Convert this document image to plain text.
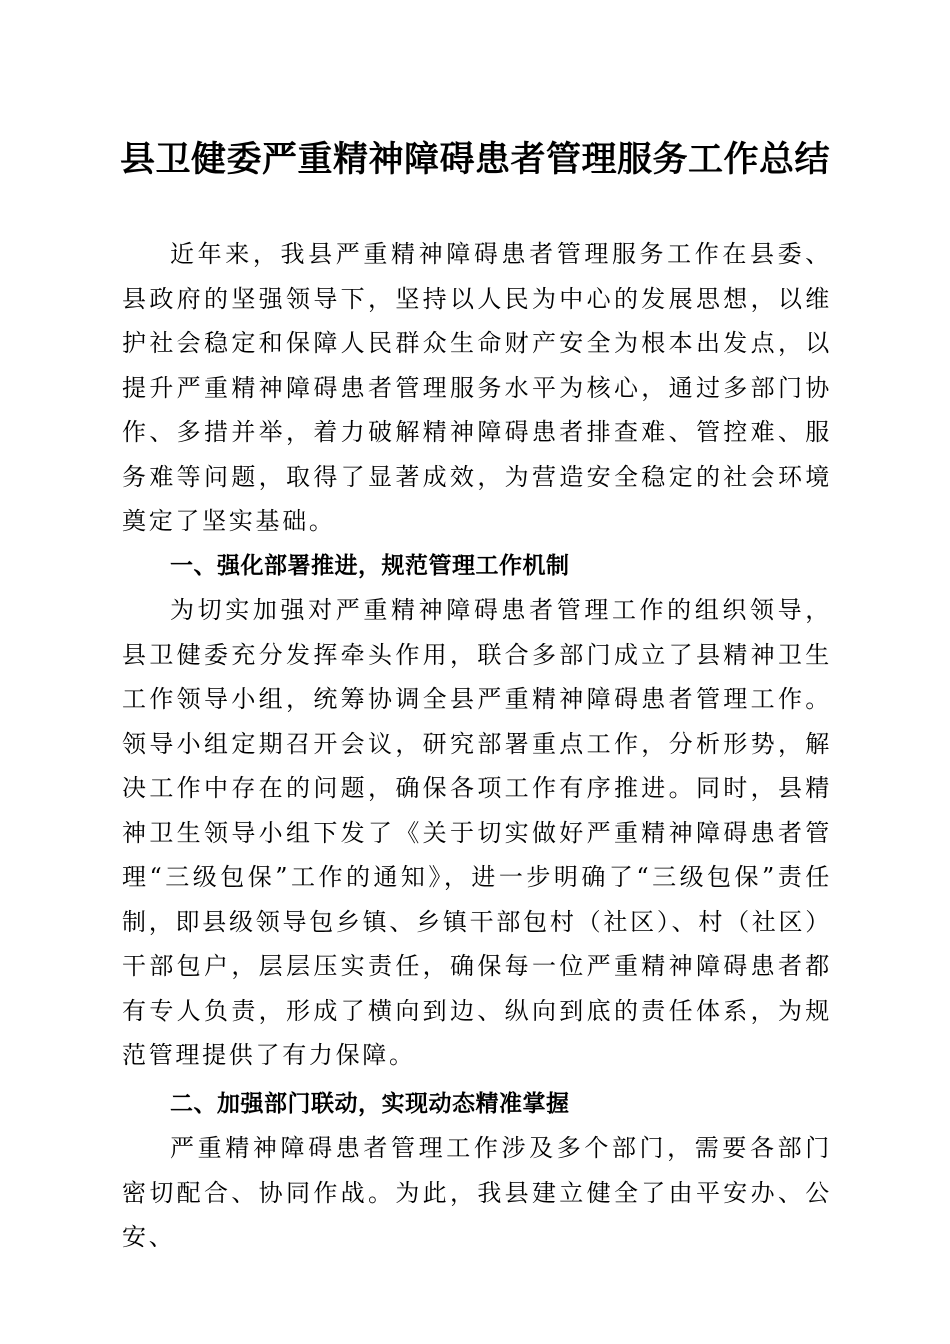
县卫健委严重精神障碍患者管理服务工作总结

近年来，我县严重精神障碍患者管理服务工作在县委、县政府的坚强领导下，坚持以人民为中心的发展思想，以维护社会稳定和保障人民群众生命财产安全为根本出发点，以提升严重精神障碍患者管理服务水平为核心，通过多部门协作、多措并举，着力破解精神障碍患者排查难、管控难、服务难等问题，取得了显著成效，为营造安全稳定的社会环境奠定了坚实基础。

一、强化部署推进，规范管理工作机制

为切实加强对严重精神障碍患者管理工作的组织领导，县卫健委充分发挥牵头作用，联合多部门成立了县精神卫生工作领导小组，统筹协调全县严重精神障碍患者管理工作。领导小组定期召开会议，研究部署重点工作，分析形势，解决工作中存在的问题，确保各项工作有序推进。同时，县精神卫生领导小组下发了《关于切实做好严重精神障碍患者管理“三级包保”工作的通知》，进一步明确了“三级包保”责任制，即县级领导包乡镇、乡镇干部包村（社区）、村（社区）干部包户，层层压实责任，确保每一位严重精神障碍患者都有专人负责，形成了横向到边、纵向到底的责任体系，为规范管理提供了有力保障。

二、加强部门联动，实现动态精准掌握

严重精神障碍患者管理工作涉及多个部门，需要各部门密切配合、协同作战。为此，我县建立健全了由平安办、公安、
